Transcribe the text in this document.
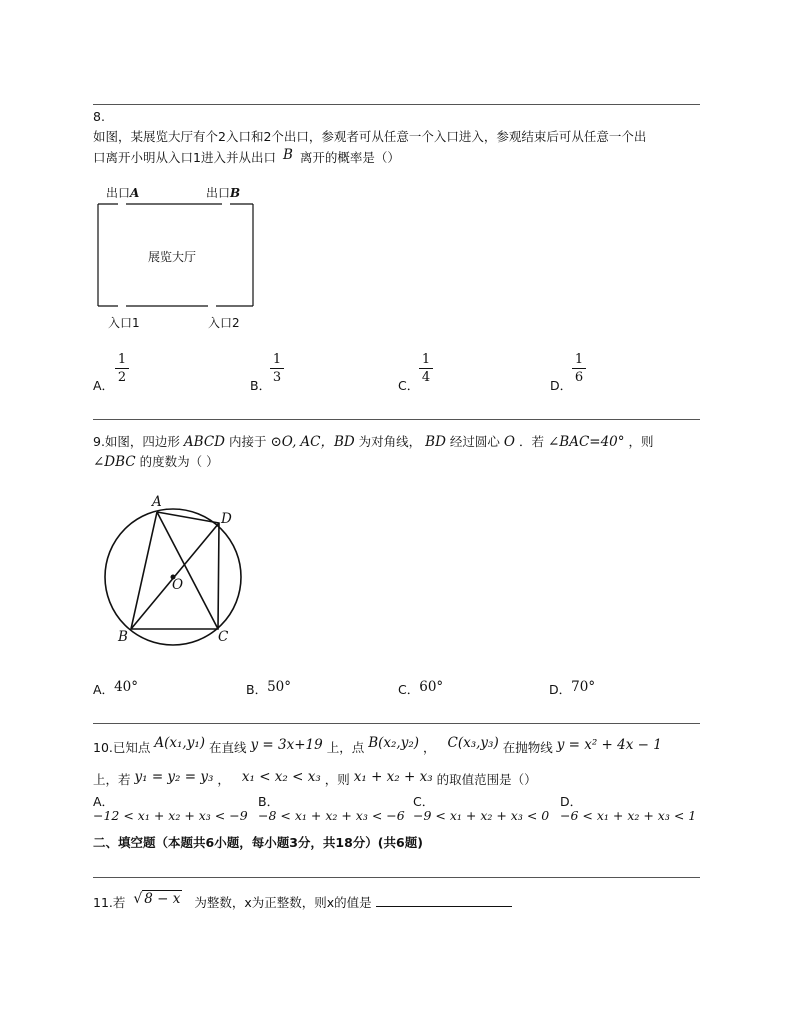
8.
如图，某展览大厅有个2入口和2个出口，参观者可从任意一个入口进入，参观结束后可从任意一个出
口离开小明从入口1进入并从出口 B 离开的概率是（）
出口A	出口B
展览大厅
入口1	入口2
A．
1
2
B．
1
3
C．
1
4
D．
1
6
9.如图，四边形 ABCD 内接于 ⊙O, AC，BD 为对角线， BD 经过圆心 O ．若 ∠BAC=40° ，则
∠DBC 的度数为（ ）
A
D
O
B	C
A．40°	B．50°	C．60°	D．70°
10.已知点 A(x₁,y₁) 在直线 y = 3x+19 上，点 B(x₂,y₂) ， C(x₃,y₃) 在抛物线 y = x² + 4x − 1
上，若 y₁ = y₂ = y₃ ， x₁ < x₂ < x₃ ，则 x₁ + x₂ + x₃ 的取值范围是（）
A．
−12 < x₁ + x₂ + x₃ < −9
B．
−8 < x₁ + x₂ + x₃ < −6
C．
−9 < x₁ + x₂ + x₃ < 0
D．
−6 < x₁ + x₂ + x₃ < 1
二、填空题（本题共6小题，每小题3分，共18分）(共6题)
11.若 √ 8 − x 为整数，x为正整数，则x的值是
